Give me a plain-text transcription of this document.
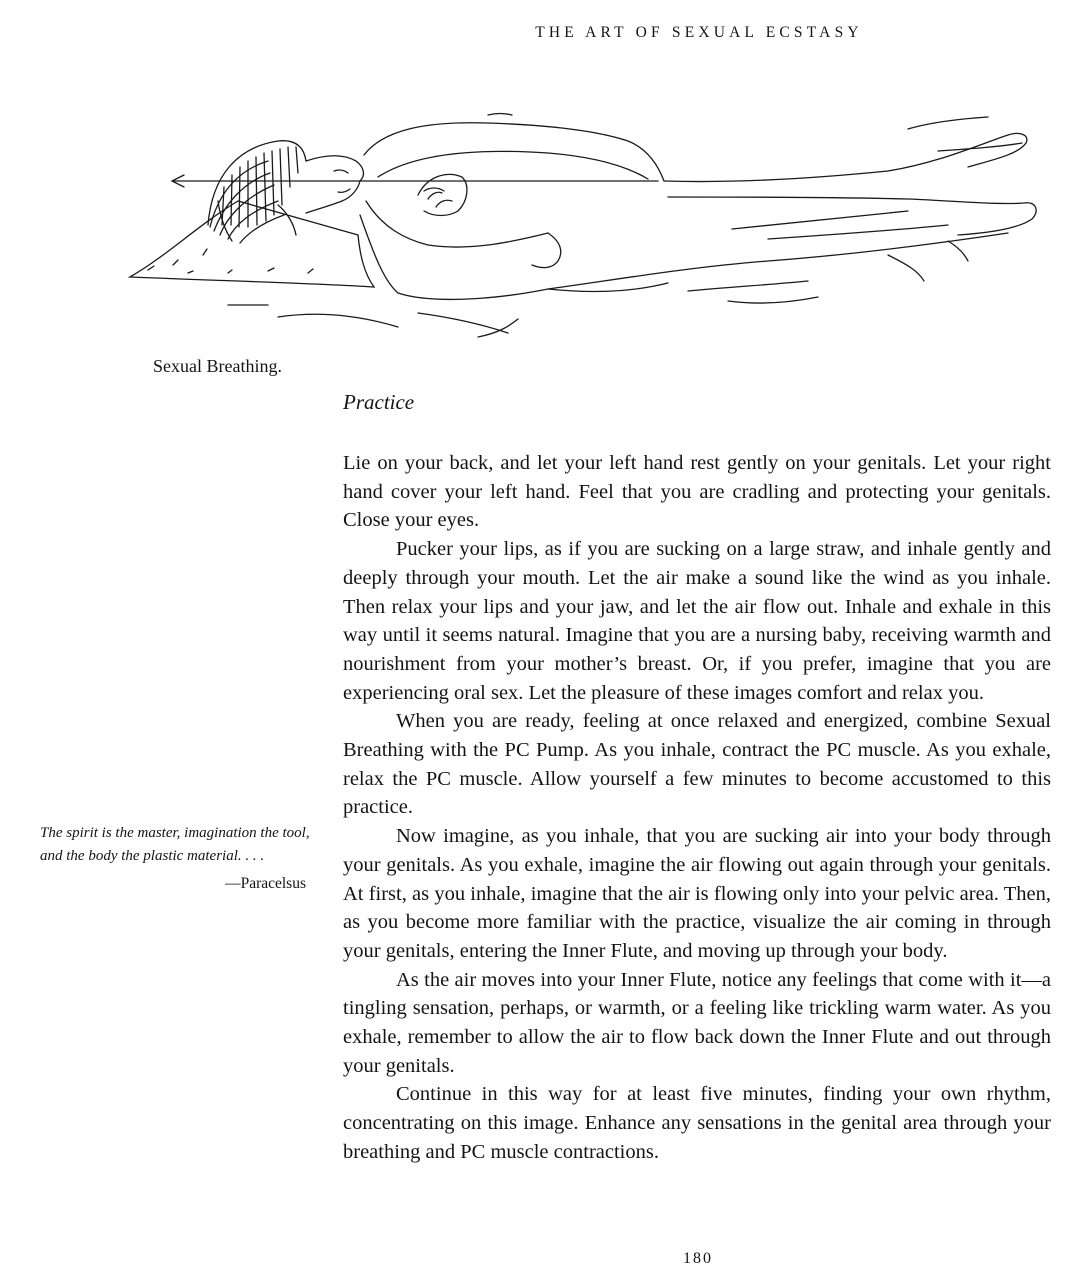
THE ART OF SEXUAL ECSTASY
Sexual Breathing.
Practice

Lie on your back, and let your left hand rest gently on your genitals. Let your right hand cover your left hand. Feel that you are cradling and protecting your genitals. Close your eyes.

Pucker your lips, as if you are sucking on a large straw, and inhale gently and deeply through your mouth. Let the air make a sound like the wind as you inhale. Then relax your lips and your jaw, and let the air flow out. Inhale and exhale in this way until it seems natural. Imagine that you are a nursing baby, receiving warmth and nourishment from your mother’s breast. Or, if you prefer, imagine that you are experiencing oral sex. Let the pleasure of these images comfort and relax you.

When you are ready, feeling at once relaxed and energized, combine Sexual Breathing with the PC Pump. As you inhale, contract the PC muscle. As you exhale, relax the PC muscle. Allow yourself a few minutes to become accustomed to this practice.

Now imagine, as you inhale, that you are sucking air into your body through your genitals. As you exhale, imagine the air flowing out again through your genitals. At first, as you inhale, imagine that the air is flowing only into your pelvic area. Then, as you become more familiar with the practice, visualize the air coming in through your genitals, entering the Inner Flute, and moving up through your body.

As the air moves into your Inner Flute, notice any feelings that come with it—a tingling sensation, perhaps, or warmth, or a feeling like trickling warm water. As you exhale, remember to allow the air to flow back down the Inner Flute and out through your genitals.

Continue in this way for at least five minutes, finding your own rhythm, concentrating on this image. Enhance any sensations in the genital area through your breathing and PC muscle contractions.

The spirit is the master, imagination the tool, and the body the plastic material. . . .

—Paracelsus

180
